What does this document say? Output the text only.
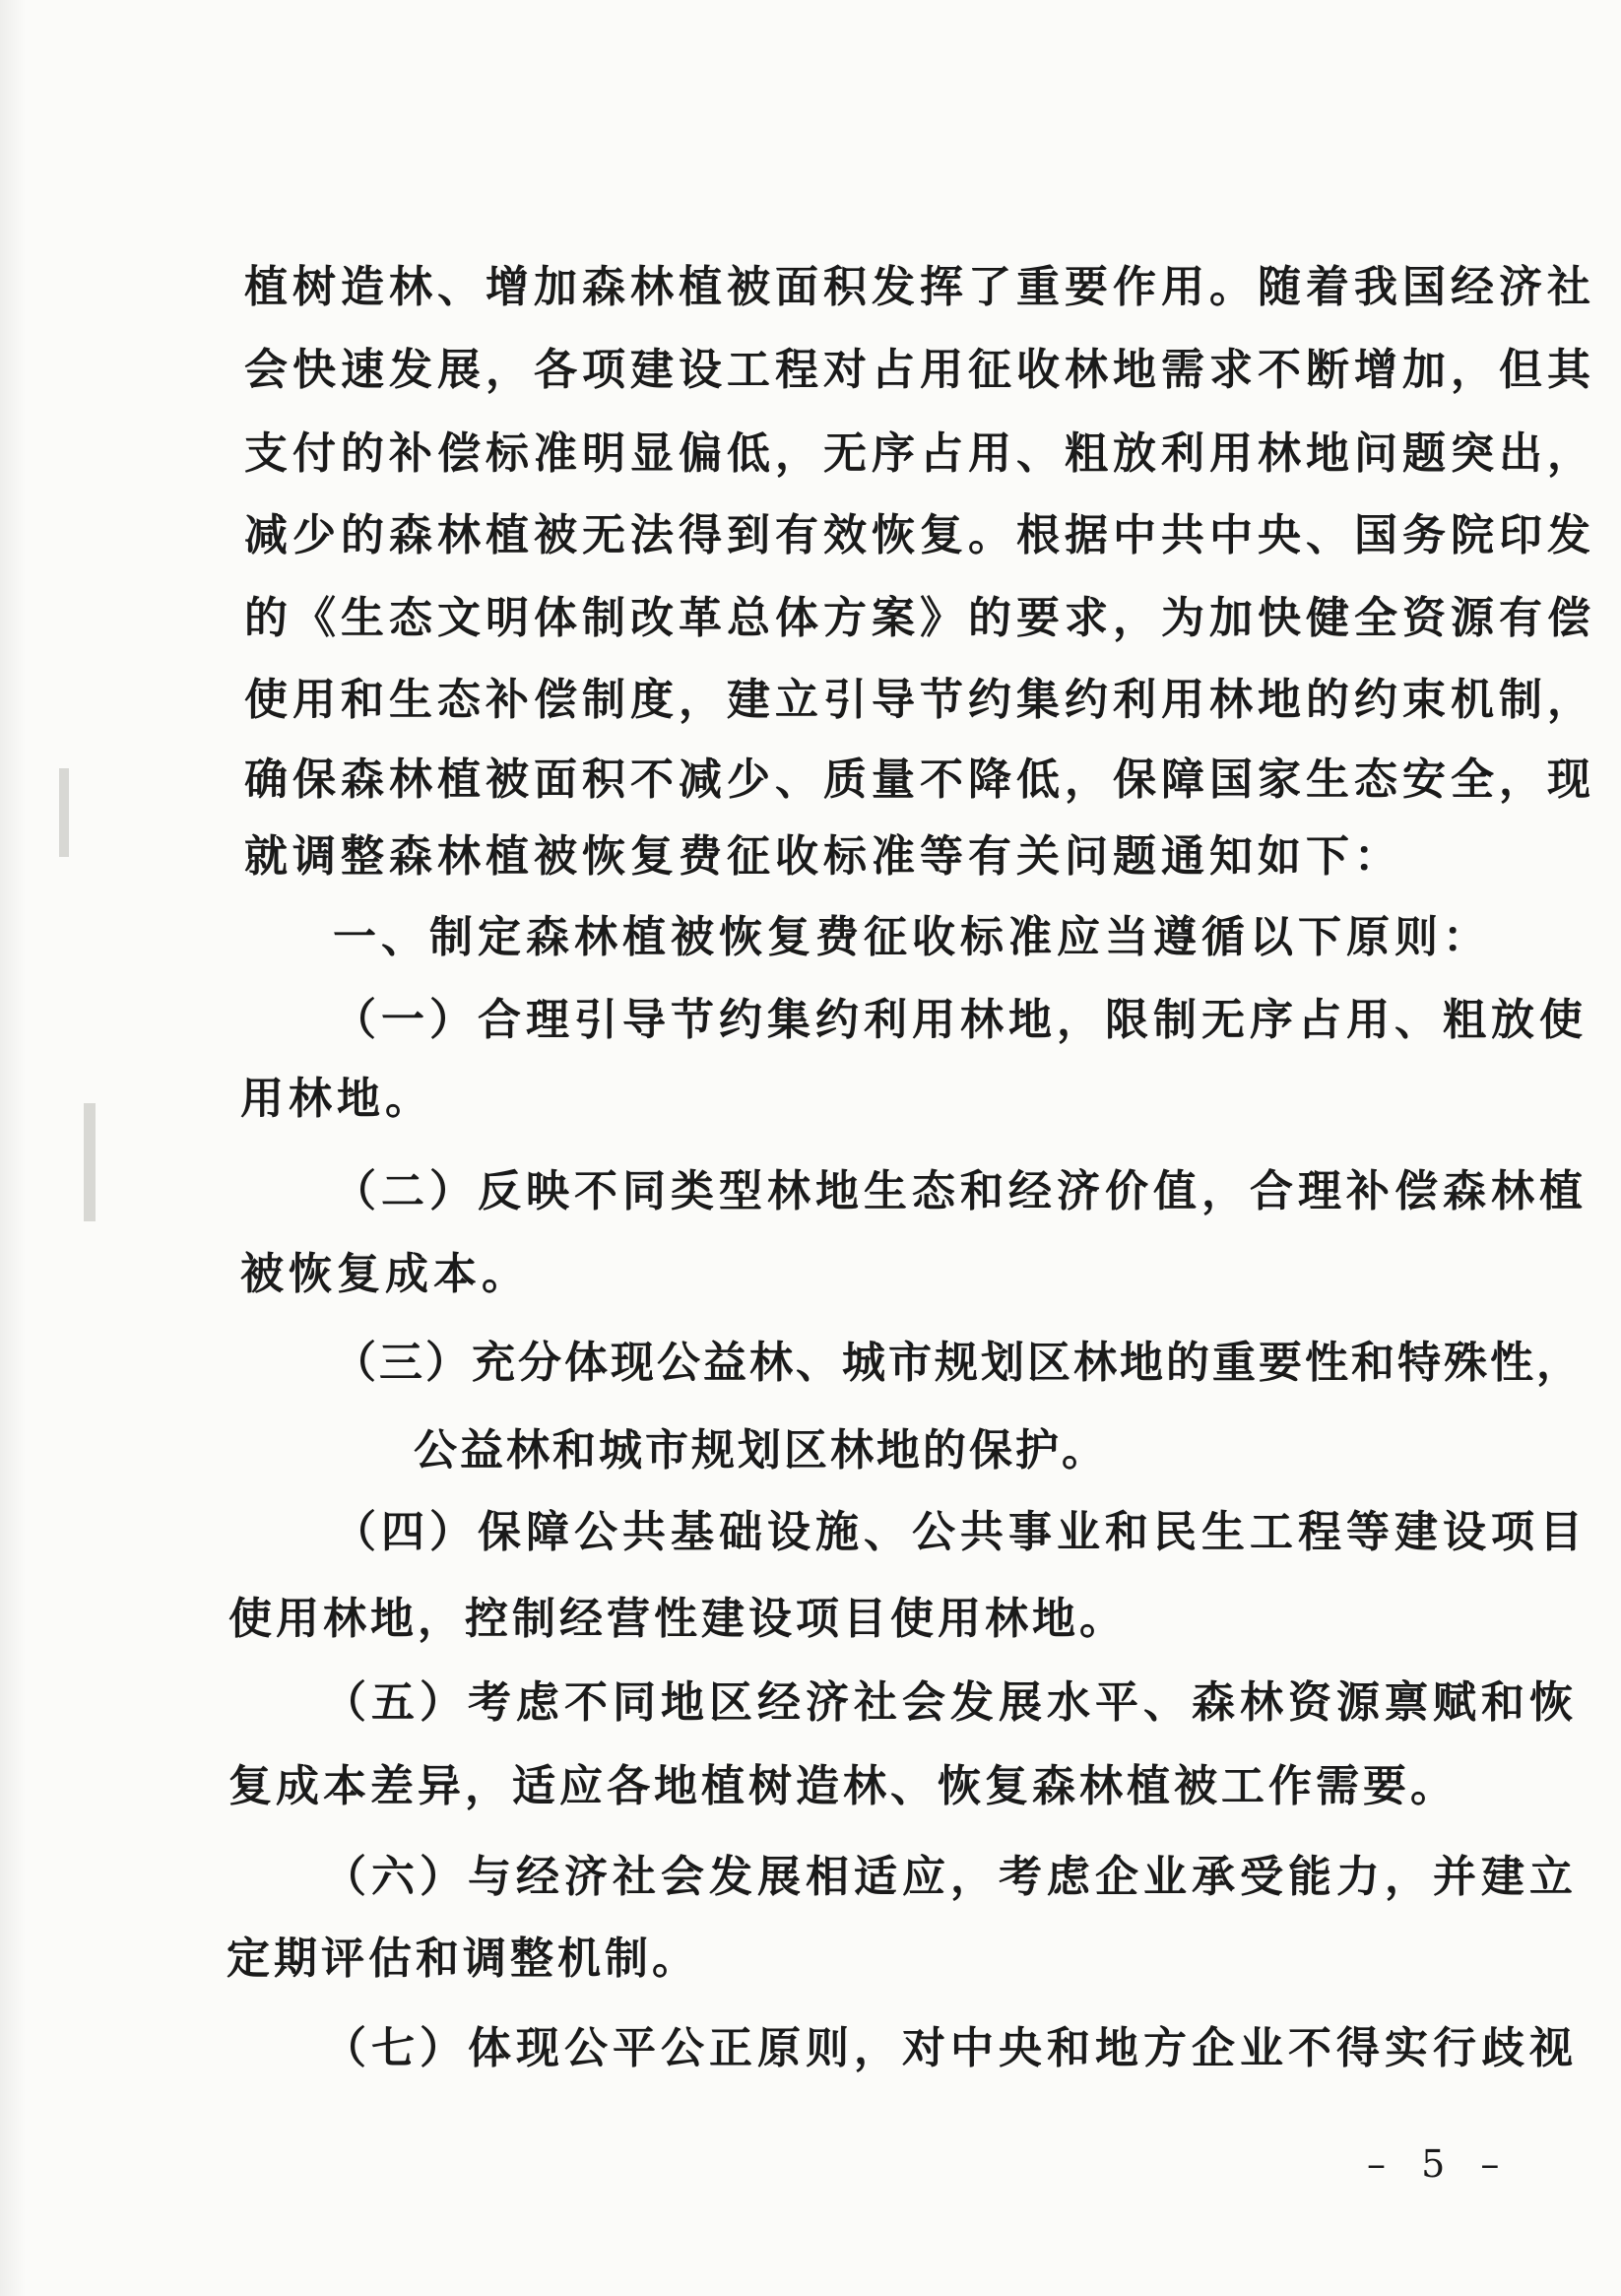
植树造林、增加森林植被面积发挥了重要作用。随着我国经济社
会快速发展，各项建设工程对占用征收林地需求不断增加，但其
支付的补偿标准明显偏低，无序占用、粗放利用林地问题突出，
减少的森林植被无法得到有效恢复。根据中共中央、国务院印发
的《生态文明体制改革总体方案》的要求，为加快健全资源有偿
使用和生态补偿制度，建立引导节约集约利用林地的约束机制，
确保森林植被面积不减少、质量不降低，保障国家生态安全，现
就调整森林植被恢复费征收标准等有关问题通知如下：
一、制定森林植被恢复费征收标准应当遵循以下原则：
（一）合理引导节约集约利用林地，限制无序占用、粗放使
用林地。
（二）反映不同类型林地生态和经济价值，合理补偿森林植
被恢复成本。
（三）充分体现公益林、城市规划区林地的重要性和特殊性，
公益林和城市规划区林地的保护。
（四）保障公共基础设施、公共事业和民生工程等建设项目
使用林地，控制经营性建设项目使用林地。
（五）考虑不同地区经济社会发展水平、森林资源禀赋和恢
复成本差异，适应各地植树造林、恢复森林植被工作需要。
（六）与经济社会发展相适应，考虑企业承受能力，并建立
定期评估和调整机制。
（七）体现公平公正原则，对中央和地方企业不得实行歧视
– 5 –
